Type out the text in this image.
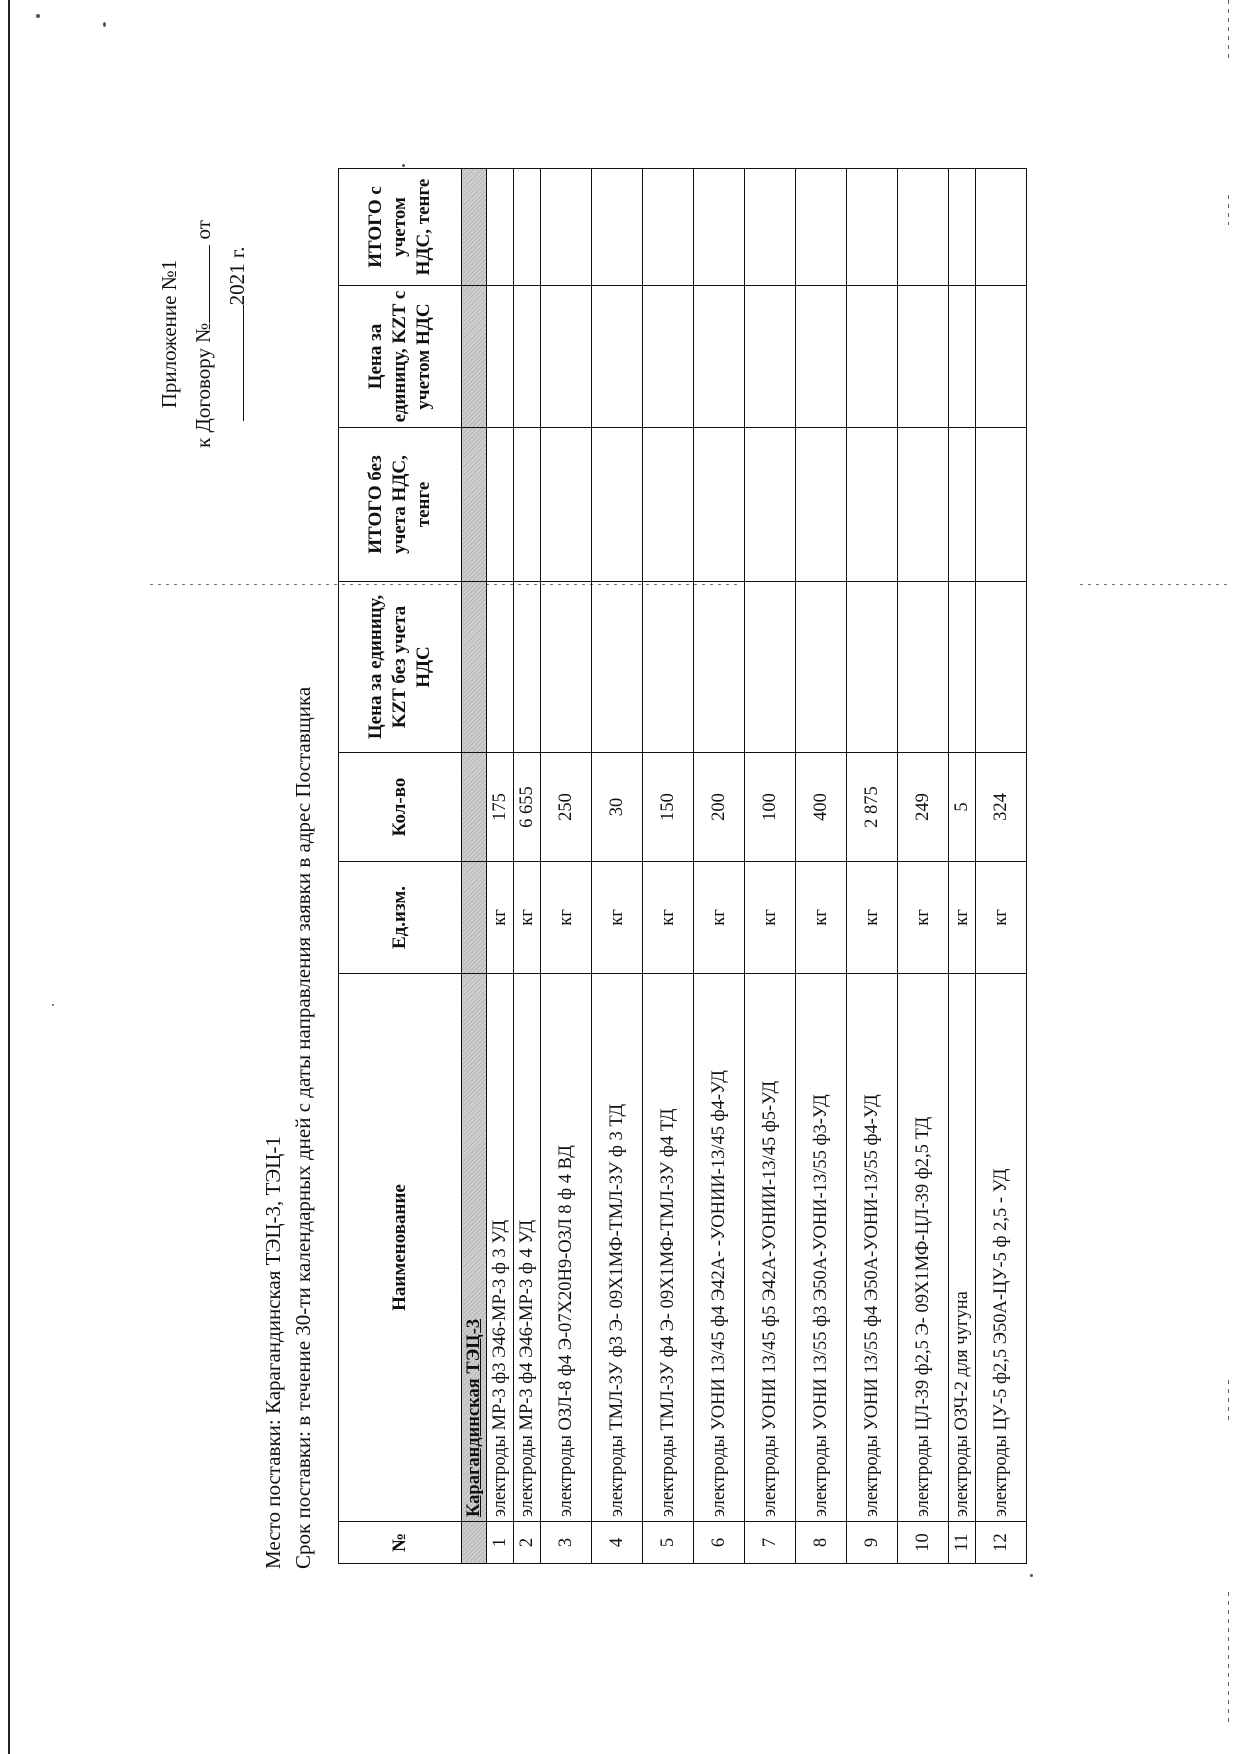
Приложение №1 к Договору № от
2021 г.
Место поставки: Карагандинская ТЭЦ-3, ТЭЦ-1 Срок поставки: в течение 30-ти календарных дней с даты направления заявки в адрес Поставщика	№	Наименование	Ед.изм.	Кол-во	Цена за единицу, KZT без учета НДС	ИТОГО без учета НДС, тенге	Цена за единицу, KZT с учетом НДС	ИТОГО с учетом НДС, тенге
	Карагандинская ТЭЦ-3						
1	электроды МР-3 ф3 Э46-МР-3 ф 3 УД	кг	175				
2	электроды МР-3 ф4 Э46-МР-3 ф 4 УД	кг	6 655				
3	электроды ОЗЛ-8 ф4 Э-07Х20Н9-ОЗЛ 8 ф 4 ВД	кг	250				
4	электроды ТМЛ-3У ф3 Э- 09Х1МФ-ТМЛ-3У ф 3 ТД	кг	30				
5	электроды ТМЛ-3У ф4 Э- 09Х1МФ-ТМЛ-3У ф4 ТД	кг	150				
6	электроды УОНИ 13/45 ф4 Э42А- -УОНИИ-13/45 ф4-УД	кг	200				
7	электроды УОНИ 13/45 ф5 Э42А-УОНИИ-13/45 ф5-УД	кг	100				
8	электроды УОНИ 13/55 ф3 Э50А-УОНИ-13/55 ф3-УД	кг	400				
9	электроды УОНИ 13/55 ф4 Э50А-УОНИ-13/55 ф4-УД	кг	2 875				
10	электроды ЦЛ-39 ф2,5 Э- 09Х1МФ-ЦЛ-39 ф2,5 ТД	кг	249				
11	электроды ОЗЧ-2 для чугуна	кг	5				
12	электроды ЦУ-5 ф2,5 Э50А-ЦУ-5 ф 2,5 - УД	кг	324				
